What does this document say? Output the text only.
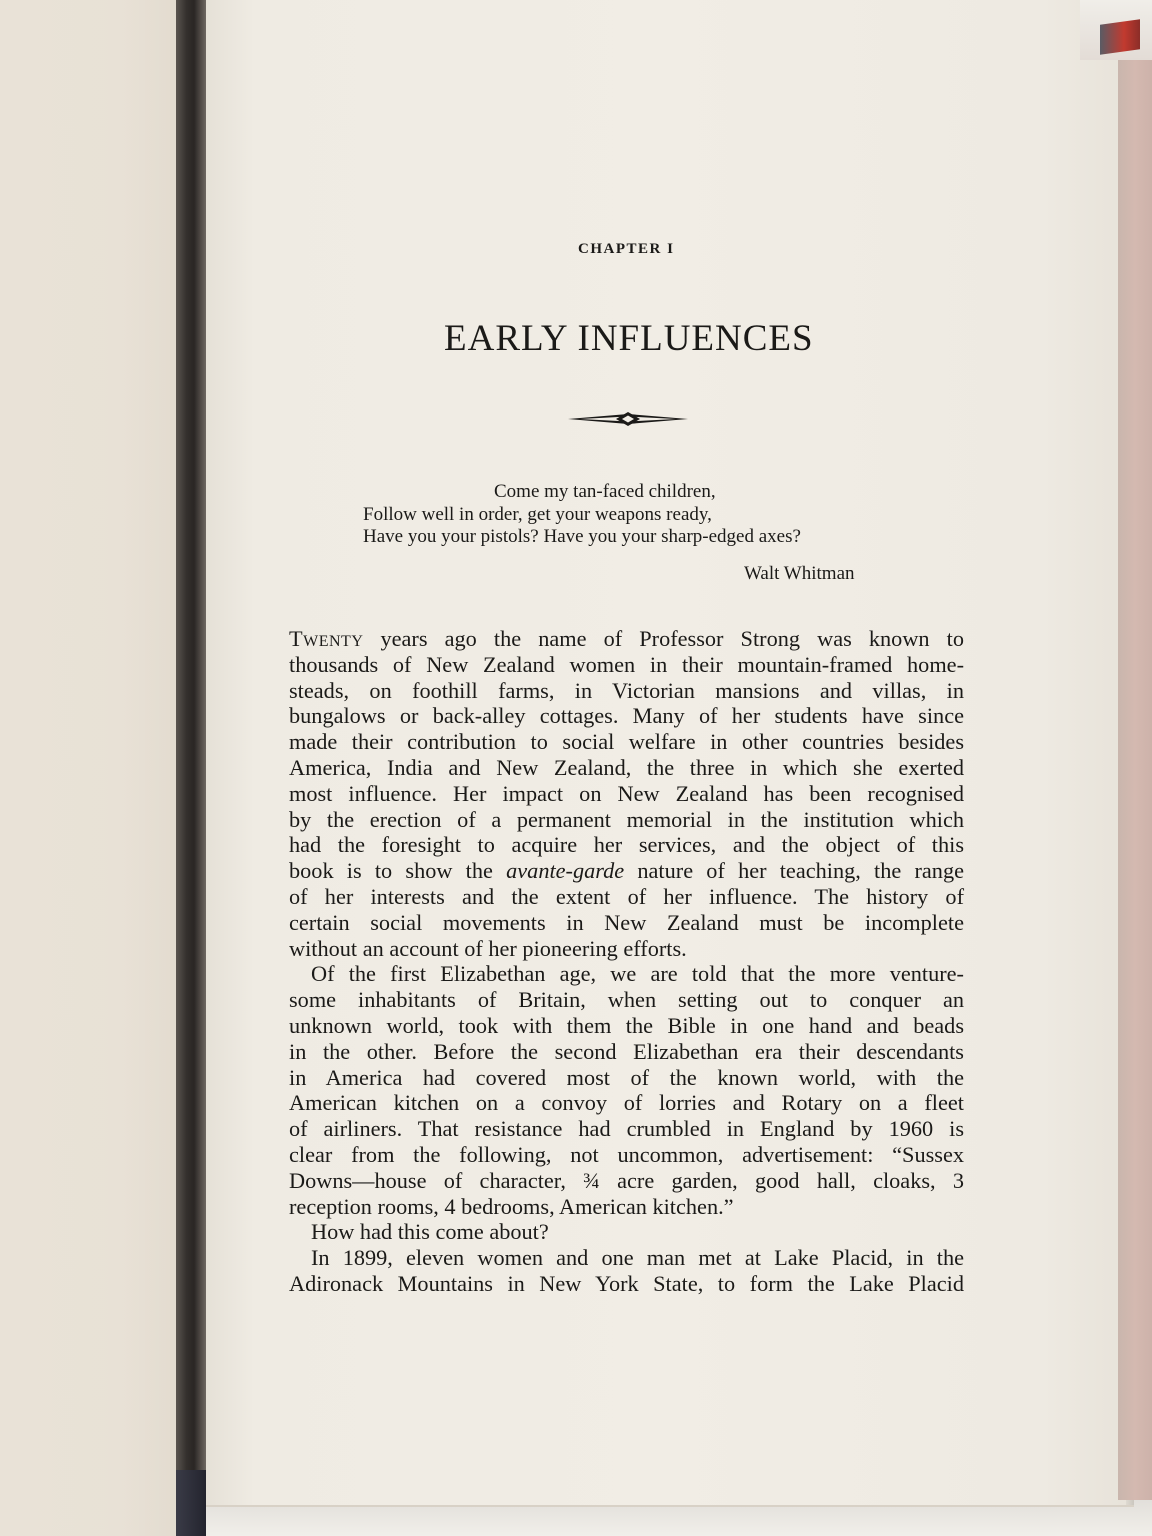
CHAPTER I
EARLY INFLUENCES
Come my tan-faced children,
Follow well in order, get your weapons ready,
Have you your pistols? Have you your sharp-edged axes?
Walt Whitman
Twenty years ago the name of Professor Strong was known to
thousands of New Zealand women in their mountain-framed home-
steads, on foothill farms, in Victorian mansions and villas, in
bungalows or back-alley cottages. Many of her students have since
made their contribution to social welfare in other countries besides
America, India and New Zealand, the three in which she exerted
most influence. Her impact on New Zealand has been recognised
by the erection of a permanent memorial in the institution which
had the foresight to acquire her services, and the object of this
book is to show the avante-garde nature of her teaching, the range
of her interests and the extent of her influence. The history of
certain social movements in New Zealand must be incomplete
without an account of her pioneering efforts.
Of the first Elizabethan age, we are told that the more venture-
some inhabitants of Britain, when setting out to conquer an
unknown world, took with them the Bible in one hand and beads
in the other. Before the second Elizabethan era their descendants
in America had covered most of the known world, with the
American kitchen on a convoy of lorries and Rotary on a fleet
of airliners. That resistance had crumbled in England by 1960 is
clear from the following, not uncommon, advertisement: “Sussex
Downs—house of character, ¾ acre garden, good hall, cloaks, 3
reception rooms, 4 bedrooms, American kitchen.”
How had this come about?
In 1899, eleven women and one man met at Lake Placid, in the
Adironack Mountains in New York State, to form the Lake Placid
